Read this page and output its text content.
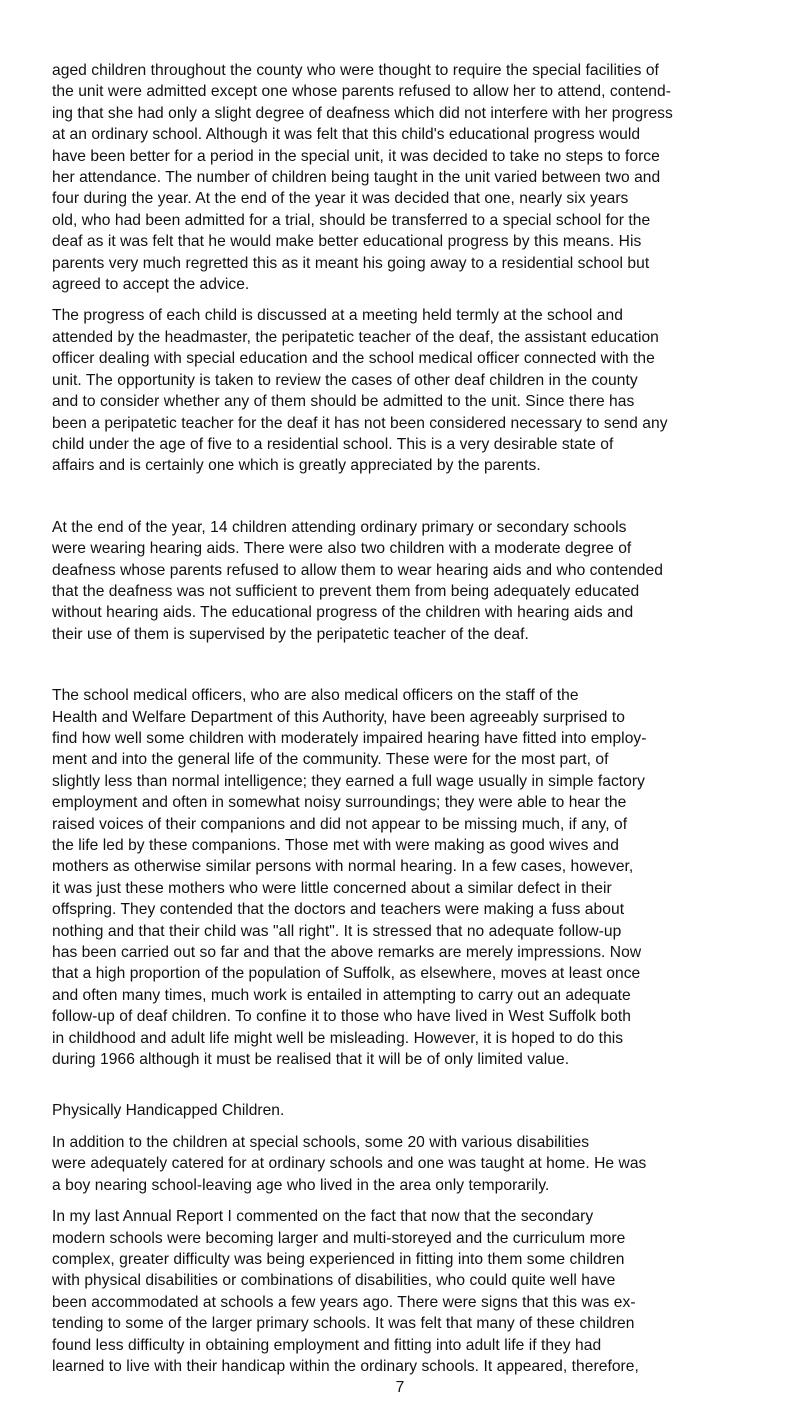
aged children throughout the county who were thought to require the special facilities of
the unit were admitted except one whose parents refused to allow her to attend, contend-
ing that she had only a slight degree of deafness which did not interfere with her progress
at an ordinary school. Although it was felt that this child's educational progress would
have been better for a period in the special unit, it was decided to take no steps to force
her attendance. The number of children being taught in the unit varied between two and
four during the year. At the end of the year it was decided that one, nearly six years
old, who had been admitted for a trial, should be transferred to a special school for the
deaf as it was felt that he would make better educational progress by this means. His
parents very much regretted this as it meant his going away to a residential school but
agreed to accept the advice.

The progress of each child is discussed at a meeting held termly at the school and
attended by the headmaster, the peripatetic teacher of the deaf, the assistant education
officer dealing with special education and the school medical officer connected with the
unit. The opportunity is taken to review the cases of other deaf children in the county
and to consider whether any of them should be admitted to the unit. Since there has
been a peripatetic teacher for the deaf it has not been considered necessary to send any
child under the age of five to a residential school. This is a very desirable state of
affairs and is certainly one which is greatly appreciated by the parents.

At the end of the year, 14 children attending ordinary primary or secondary schools
were wearing hearing aids. There were also two children with a moderate degree of
deafness whose parents refused to allow them to wear hearing aids and who contended
that the deafness was not sufficient to prevent them from being adequately educated
without hearing aids. The educational progress of the children with hearing aids and
their use of them is supervised by the peripatetic teacher of the deaf.

The school medical officers, who are also medical officers on the staff of the
Health and Welfare Department of this Authority, have been agreeably surprised to
find how well some children with moderately impaired hearing have fitted into employ-
ment and into the general life of the community. These were for the most part, of
slightly less than normal intelligence; they earned a full wage usually in simple factory
employment and often in somewhat noisy surroundings; they were able to hear the
raised voices of their companions and did not appear to be missing much, if any, of
the life led by these companions. Those met with were making as good wives and
mothers as otherwise similar persons with normal hearing. In a few cases, however,
it was just these mothers who were little concerned about a similar defect in their
offspring. They contended that the doctors and teachers were making a fuss about
nothing and that their child was "all right". It is stressed that no adequate follow-up
has been carried out so far and that the above remarks are merely impressions. Now
that a high proportion of the population of Suffolk, as elsewhere, moves at least once
and often many times, much work is entailed in attempting to carry out an adequate
follow-up of deaf children. To confine it to those who have lived in West Suffolk both
in childhood and adult life might well be misleading. However, it is hoped to do this
during 1966 although it must be realised that it will be of only limited value.

Physically Handicapped Children.

In addition to the children at special schools, some 20 with various disabilities
were adequately catered for at ordinary schools and one was taught at home. He was
a boy nearing school-leaving age who lived in the area only temporarily.

In my last Annual Report I commented on the fact that now that the secondary
modern schools were becoming larger and multi-storeyed and the curriculum more
complex, greater difficulty was being experienced in fitting into them some children
with physical disabilities or combinations of disabilities, who could quite well have
been accommodated at schools a few years ago. There were signs that this was ex-
tending to some of the larger primary schools. It was felt that many of these children
found less difficulty in obtaining employment and fitting into adult life if they had
learned to live with their handicap within the ordinary schools. It appeared, therefore,

7
